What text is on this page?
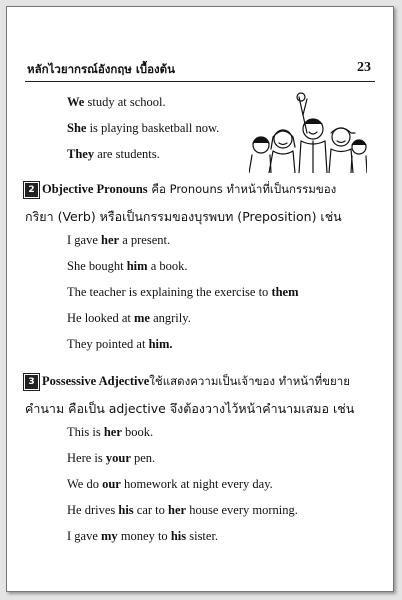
หลักไวยากรณ์อังกฤษ เบื้องต้น	23
We study at school.
She is playing basketball now.
They are students.
2 Objective Pronouns คือ Pronouns ทำหน้าที่เป็นกรรมของ
กริยา (Verb) หรือเป็นกรรมของบุรพบท (Preposition) เช่น
I gave her a present.
She bought him a book.
The teacher is explaining the exercise to them
He looked at me angrily.
They pointed at him.
3 Possessive Adjectiveใช้แสดงความเป็นเจ้าของ ทำหน้าที่ขยาย
คำนาม คือเป็น adjective จึงต้องวางไว้หน้าคำนามเสมอ เช่น
This is her book.
Here is your pen.
We do our homework at night every day.
He drives his car to her house every morning.
I gave my money to his sister.
